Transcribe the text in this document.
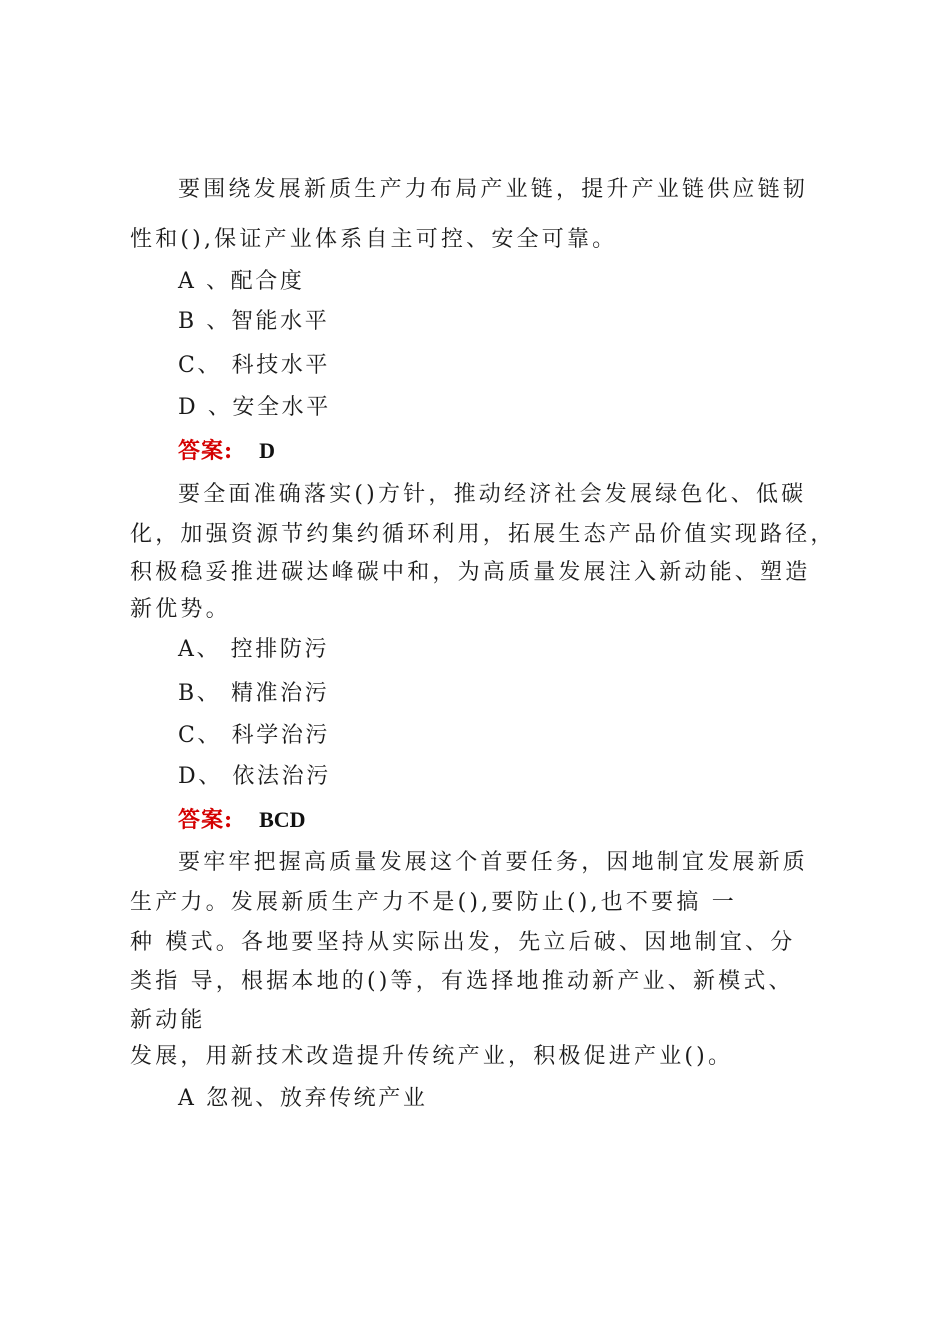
要围绕发展新质生产力布局产业链，提升产业链供应链韧
性和(),保证产业体系自主可控、安全可靠。
A 、配合度
B 、智能水平
C、 科技水平
D 、安全水平
答案: D
要全面准确落实()方针，推动经济社会发展绿色化、低碳
化，加强资源节约集约循环利用，拓展生态产品价值实现路径，
积极稳妥推进碳达峰碳中和，为高质量发展注入新动能、塑造
新优势。
A、 控排防污
B、 精准治污
C、 科学治污
D、 依法治污
答案: BCD
要牢牢把握高质量发展这个首要任务，因地制宜发展新质
生产力。发展新质生产力不是(),要防止(),也不要搞 一
种 模式。各地要坚持从实际出发，先立后破、因地制宜、分
类指 导，根据本地的()等，有选择地推动新产业、新模式、
新动能
发展，用新技术改造提升传统产业，积极促进产业()。
A 忽视、放弃传统产业
